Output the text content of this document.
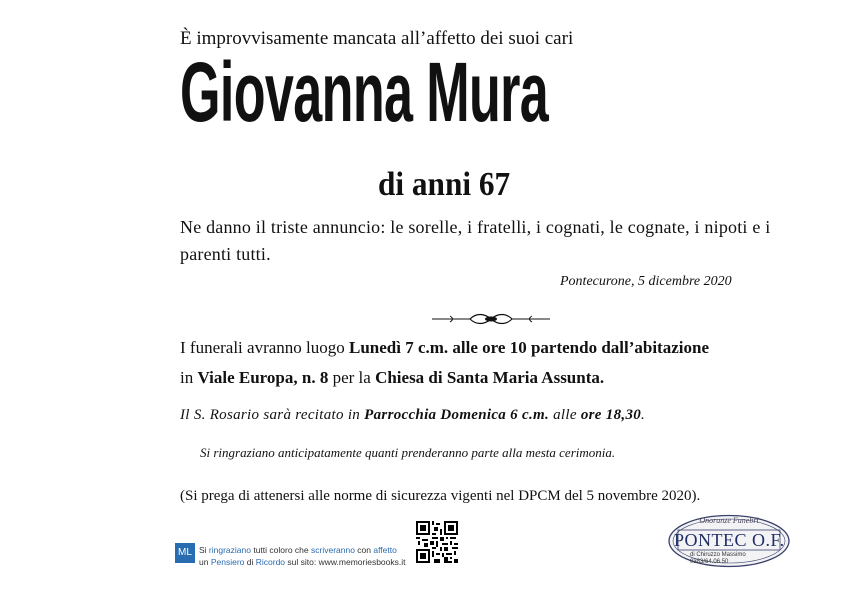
È improvvisamente mancata all’affetto dei suoi cari
Giovanna Mura
di anni 67
Ne danno il triste annuncio: le sorelle, i fratelli, i cognati, le cognate, i nipoti e i parenti tutti.
Pontecurone, 5 dicembre 2020
I funerali avranno luogo Lunedì 7 c.m. alle ore 10 partendo dall’abitazione
in Viale Europa, n. 8 per la Chiesa di Santa Maria Assunta.
Il S. Rosario sarà recitato in Parrocchia Domenica 6 c.m. alle ore 18,30.
Si ringraziano anticipatamente quanti prenderanno parte alla mesta cerimonia.
(Si prega di attenersi alle norme di sicurezza vigenti nel DPCM del 5 novembre 2020).
ML Si ringraziano tutti coloro che scriveranno con affetto
un Pensiero di Ricordo sul sito: www.memoriesbooks.it
Onoranze Funebri
PONTEC O.F.
di Chiruzzo Massimo
0383/64.06.50
